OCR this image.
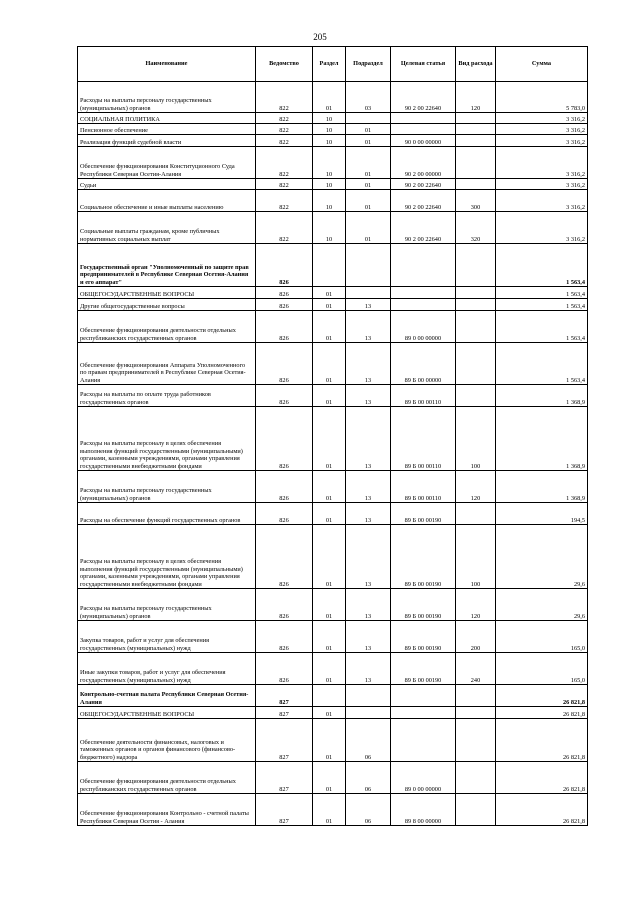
205
Наименование	Ведомство	Раздел	Подраздел	Целевая статья	Вид расхода	Сумма
Расходы на выплаты персоналу государственных (муниципальных) органов	822	01	03	90 2 00 22640	120	5 783,0
СОЦИАЛЬНАЯ ПОЛИТИКА	822	10				3 316,2
Пенсионное обеспечение	822	10	01			3 316,2
Реализация функций судебной власти	822	10	01	90 0 00 00000		3 316,2
Обеспечение функционирования Конституционного Суда Республики Северная Осетия-Алания	822	10	01	90 2 00 00000		3 316,2
Судьи	822	10	01	90 2 00 22640		3 316,2
Социальное обеспечение и иные выплаты населению	822	10	01	90 2 00 22640	300	3 316,2
Социальные выплаты гражданам, кроме публичных нормативных социальных выплат	822	10	01	90 2 00 22640	320	3 316,2
Государственный орган "Уполномоченный по защите прав предпринимателей в Республике Северная Осетия-Алания и его аппарат"	826					1 563,4
ОБЩЕГОСУДАРСТВЕННЫЕ ВОПРОСЫ	826	01				1 563,4
Другие общегосударственные вопросы	826	01	13			1 563,4
Обеспечение функционирования деятельности отдельных республиканских государственных органов	826	01	13	89 0 00 00000		1 563,4
Обеспечение функционирования Аппарата Уполномоченного по правам предпринимателей в Республике Северная Осетия-Алания	826	01	13	89 Б 00 00000		1 563,4
Расходы на выплаты по оплате труда работников государственных органов	826	01	13	89 Б 00 00110		1 368,9
Расходы на выплаты персоналу в целях обеспечения выполнения функций государственными (муниципальными) органами, казенными учреждениями, органами управления государственными внебюджетными фондами	826	01	13	89 Б 00 00110	100	1 368,9
Расходы на выплаты персоналу государственных (муниципальных) органов	826	01	13	89 Б 00 00110	120	1 368,9
Расходы на обеспечение функций государственных органов	826	01	13	89 Б 00 00190		194,5
Расходы на выплаты персоналу в целях обеспечения выполнения функций государственными (муниципальными) органами, казенными учреждениями, органами управления государственными внебюджетными фондами	826	01	13	89 Б 00 00190	100	29,6
Расходы на выплаты персоналу государственных (муниципальных) органов	826	01	13	89 Б 00 00190	120	29,6
Закупка товаров, работ и услуг для обеспечения государственных (муниципальных) нужд	826	01	13	89 Б 00 00190	200	165,0
Иные закупки товаров, работ и услуг для обеспечения государственных (муниципальных) нужд	826	01	13	89 Б 00 00190	240	165,0
Контрольно-счетная палата Республики Северная Осетия-Алания	827					26 821,8
ОБЩЕГОСУДАРСТВЕННЫЕ ВОПРОСЫ	827	01				26 821,8
Обеспечение деятельности финансовых, налоговых и таможенных органов и органов финансового (финансово-бюджетного) надзора	827	01	06			26 821,8
Обеспечение функционирования деятельности отдельных республиканских государственных органов	827	01	06	89 0 00 00000		26 821,8
Обеспечение функционирования Контрольно - счетной палаты Республики Северная Осетия - Алания	827	01	06	89 8 00 00000		26 821,8
